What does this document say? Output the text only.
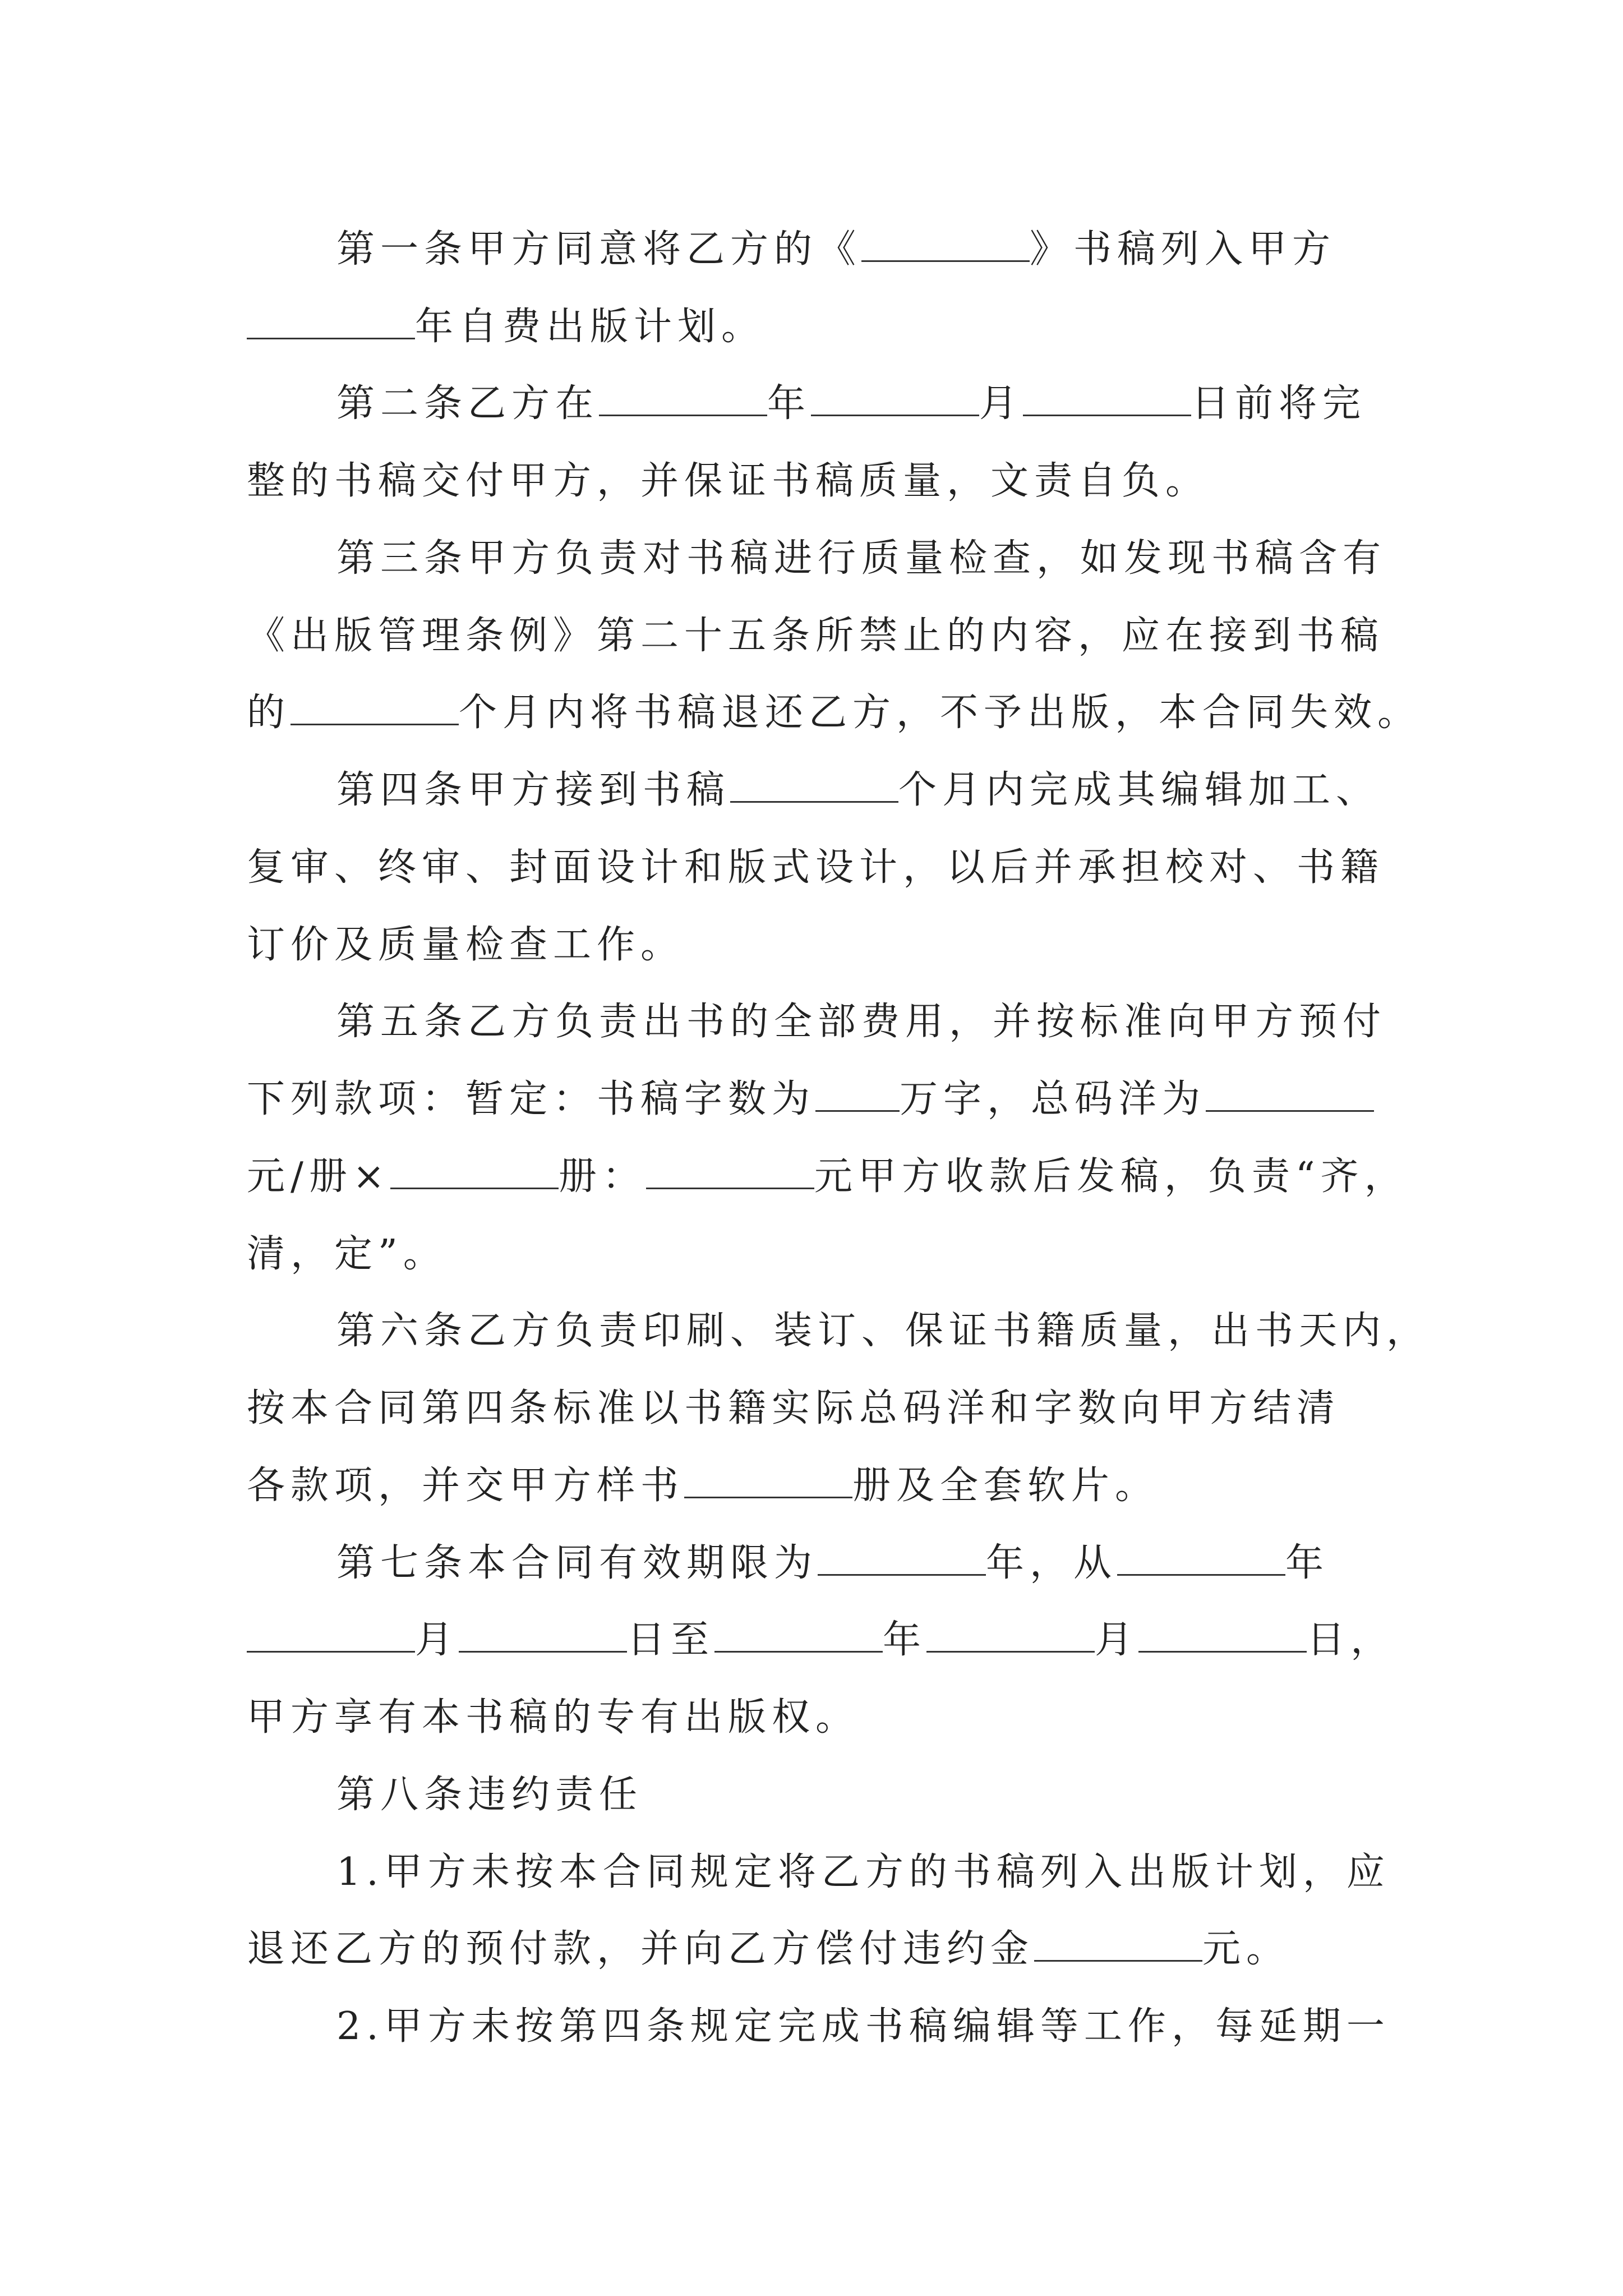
第一条甲方同意将乙方的《	》书稿列入甲方
年自费出版计划。
第二条乙方在	年	月	日前将完
整的书稿交付甲方，并保证书稿质量，文责自负。
第三条甲方负责对书稿进行质量检查，如发现书稿含有
《出版管理条例》第二十五条所禁止的内容，应在接到书稿
的	个月内将书稿退还乙方，不予出版，本合同失效。
第四条甲方接到书稿	个月内完成其编辑加工、
复审、终审、封面设计和版式设计，以后并承担校对、书籍
订价及质量检查工作。
第五条乙方负责出书的全部费用，并按标准向甲方预付
下列款项：暂定：书稿字数为 万字，总码洋为
元/册×	册：	元甲方收款后发稿，负责“齐，
清，定”。
第六条乙方负责印刷、装订、保证书籍质量，出书天内，
按本合同第四条标准以书籍实际总码洋和字数向甲方结清
各款项，并交甲方样书	册及全套软片。
第七条本合同有效期限为	年，从	年
月	日至	年	月	日，
甲方享有本书稿的专有出版权。
第八条违约责任
1.甲方未按本合同规定将乙方的书稿列入出版计划，应
退还乙方的预付款，并向乙方偿付违约金	元。
2.甲方未按第四条规定完成书稿编辑等工作，每延期一
